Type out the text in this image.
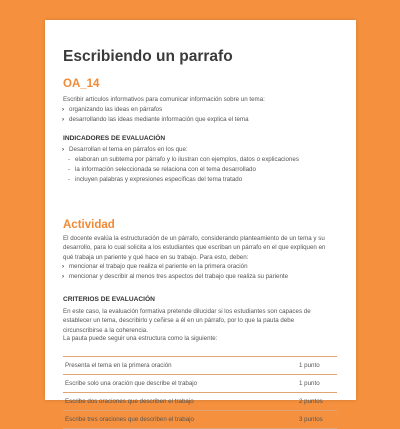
Escribiendo un parrafo
OA_14
Escribir artículos informativos para comunicar información sobre un tema:
› organizando las ideas en párrafos
› desarrollando las ideas mediante información que explica el tema
INDICADORES DE EVALUACIÓN
› Desarrollan el tema en párrafos en los que:
- elaboran un subtema por párrafo y lo ilustran con ejemplos, datos o explicaciones
- la información seleccionada se relaciona con el tema desarrollado
- incluyen palabras y expresiones específicas del tema tratado
Actividad
El docente evalúa la estructuración de un párrafo, considerando planteamiento de un tema y su desarrollo, para lo cual solicita a los estudiantes que escriban un párrafo en el que expliquen en qué trabaja un pariente y qué hace en su trabajo. Para esto, deben:
› mencionar el trabajo que realiza el pariente en la primera oración
› mencionar y describir al menos tres aspectos del trabajo que realiza su pariente
CRITERIOS DE EVALUACIÓN
En este caso, la evaluación formativa pretende dilucidar si los estudiantes son capaces de establecer un tema, describirlo y ceñirse a él en un párrafo, por lo que la pauta debe circunscribirse a la coherencia.
La pauta puede seguir una estructura como la siguiente:
Presenta el tema en la primera oración	1 punto
Escribe solo una oración que describe el trabajo	1 punto
Escribe dos oraciones que describen el trabajo	2 puntos
Escribe tres oraciones que describen el trabajo	3 puntos
